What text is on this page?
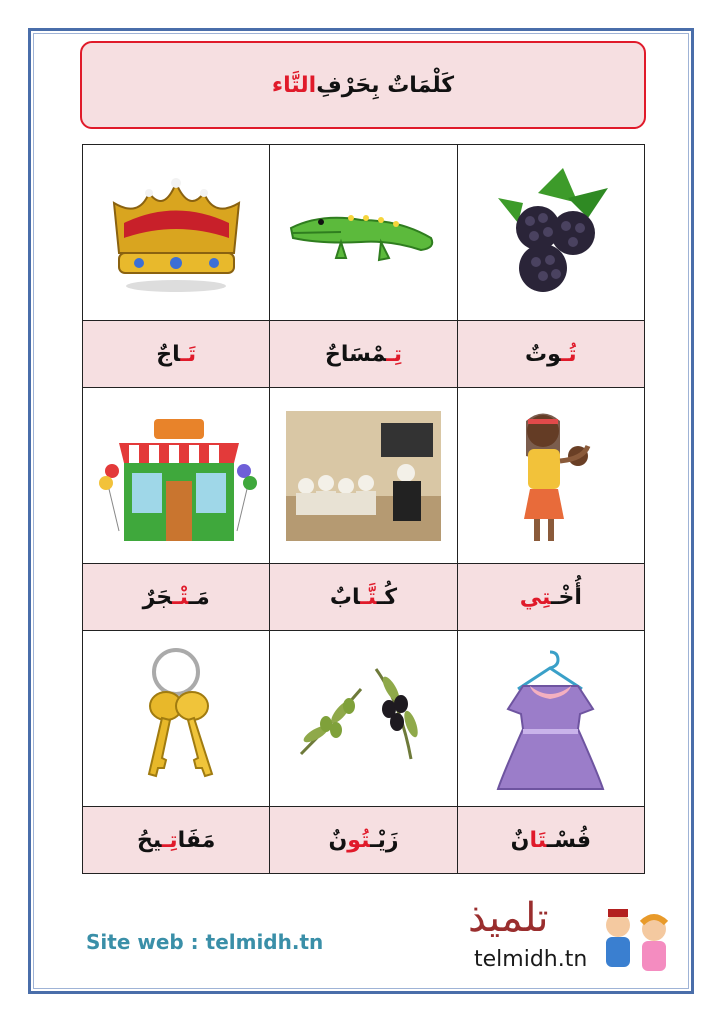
كَلْمَاتٌ بِحَرْفِ
التَّاء

تُـوتٌ	تِـمْسَاحٌ	تَـاجٌ

أُخْـتِي	كُـتَّـابٌ	مَـتْـجَرٌ

فُسْـتَانٌ	زَيْـتُونٌ	مَفَاتِـيحُ
Site web : telmidh.tn
تلميذ
telmidh.tn
